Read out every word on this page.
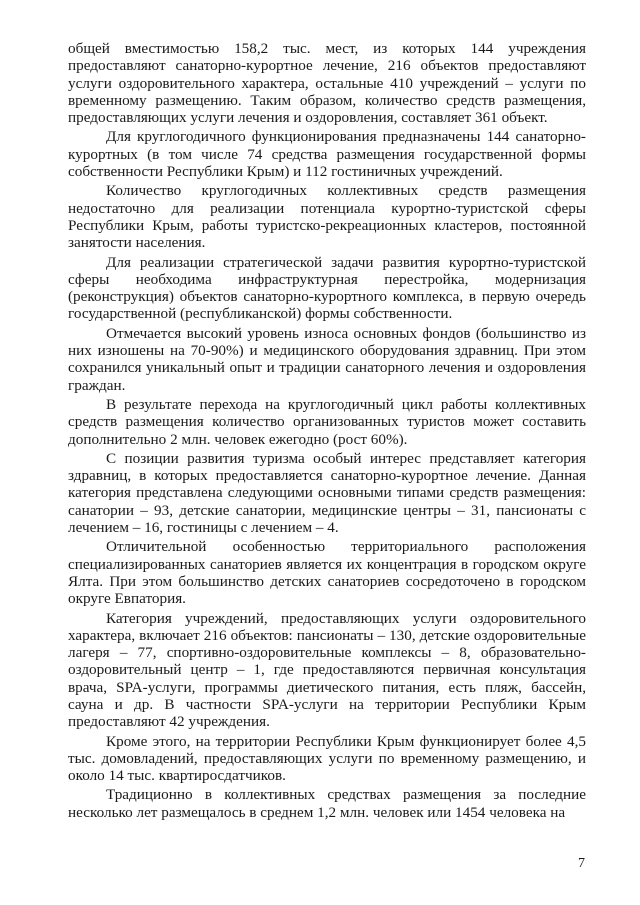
общей вместимостью 158,2 тыс. мест, из которых 144 учреждения предоставляют санаторно-курортное лечение, 216 объектов предоставляют услуги оздоровительного характера, остальные 410 учреждений – услуги по временному размещению. Таким образом, количество средств размещения, предоставляющих услуги лечения и оздоровления, составляет 361 объект.

Для круглогодичного функционирования предназначены 144 санаторно-курортных (в том числе 74 средства размещения государственной формы собственности Республики Крым) и 112 гостиничных учреждений.

Количество круглогодичных коллективных средств размещения недостаточно для реализации потенциала курортно-туристской сферы Республики Крым, работы туристско-рекреационных кластеров, постоянной занятости населения.

Для реализации стратегической задачи развития курортно-туристской сферы необходима инфраструктурная перестройка, модернизация (реконструкция) объектов санаторно-курортного комплекса, в первую очередь государственной (республиканской) формы собственности.

Отмечается высокий уровень износа основных фондов (большинство из них изношены на 70-90%) и медицинского оборудования здравниц. При этом сохранился уникальный опыт и традиции санаторного лечения и оздоровления граждан.

В результате перехода на круглогодичный цикл работы коллективных средств размещения количество организованных туристов может составить дополнительно 2 млн. человек ежегодно (рост 60%).

С позиции развития туризма особый интерес представляет категория здравниц, в которых предоставляется санаторно-курортное лечение. Данная категория представлена следующими основными типами средств размещения: санатории – 93, детские санатории, медицинские центры – 31, пансионаты с лечением – 16, гостиницы с лечением – 4.

Отличительной особенностью территориального расположения специализированных санаториев является их концентрация в городском округе Ялта. При этом большинство детских санаториев сосредоточено в городском округе Евпатория.

Категория учреждений, предоставляющих услуги оздоровительного характера, включает 216 объектов: пансионаты – 130, детские оздоровительные лагеря – 77, спортивно-оздоровительные комплексы – 8, образовательно-оздоровительный центр – 1, где предоставляются первичная консультация врача, SPA-услуги, программы диетического питания, есть пляж, бассейн, сауна и др. В частности SPA-услуги на территории Республики Крым предоставляют 42 учреждения.

Кроме этого, на территории Республики Крым функционирует более 4,5 тыс. домовладений, предоставляющих услуги по временному размещению, и около 14 тыс. квартиросдатчиков.

Традиционно в коллективных средствах размещения за последние несколько лет размещалось в среднем 1,2 млн. человек или 1454 человека на

7
